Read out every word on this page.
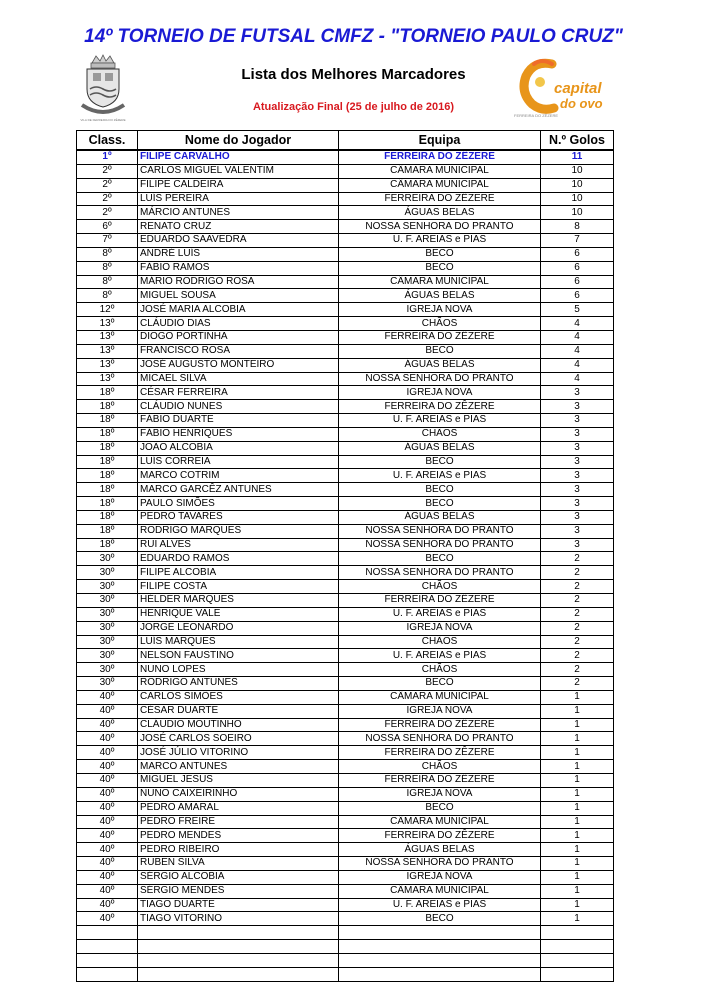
14º TORNEIO DE FUTSAL CMFZ - "TORNEIO PAULO CRUZ"
VILA DE FERREIRA DO ZÊZERE
Lista dos Melhores Marcadores
Atualização Final (25 de julho de 2016)
capital
do ovo
FERREIRA DO ZÊZERE
Class.	Nome do Jogador	Equipa	N.º Golos
1º	FILIPE CARVALHO	FERREIRA DO ZÊZERE	11
2º	CARLOS MIGUEL VALENTIM	CÂMARA MUNICIPAL	10
2º	FILIPE CALDEIRA	CÂMARA MUNICIPAL	10
2º	LUÍS PEREIRA	FERREIRA DO ZÊZERE	10
2º	MÁRCIO ANTUNES	ÁGUAS BELAS	10
6º	RENATO CRUZ	NOSSA SENHORA DO PRANTO	8
7º	EDUARDO SAAVEDRA	U. F. AREIAS e PIAS	7
8º	ANDRÉ LUÍS	BECO	6
8º	FÁBIO RAMOS	BECO	6
8º	MÁRIO RODRIGO ROSA	CÂMARA MUNICIPAL	6
8º	MIGUEL SOUSA	ÁGUAS BELAS	6
12º	JOSÉ MARIA ALCOBIA	IGREJA NOVA	5
13º	CLÁUDIO DIAS	CHÃOS	4
13º	DIOGO PORTINHA	FERREIRA DO ZÊZERE	4
13º	FRANCISCO ROSA	BECO	4
13º	JOSÉ AUGUSTO MONTEIRO	ÁGUAS BELAS	4
13º	MICAEL SILVA	NOSSA SENHORA DO PRANTO	4
18º	CÉSAR FERREIRA	IGREJA NOVA	3
18º	CLÁUDIO NUNES	FERREIRA DO ZÊZERE	3
18º	FÁBIO DUARTE	U. F. AREIAS e PIAS	3
18º	FÁBIO HENRIQUES	CHÃOS	3
18º	JOÃO ALCOBIA	ÁGUAS BELAS	3
18º	LUÍS CORREIA	BECO	3
18º	MARCO COTRIM	U. F. AREIAS e PIAS	3
18º	MARCO GARCÊZ ANTUNES	BECO	3
18º	PAULO SIMÕES	BECO	3
18º	PEDRO TAVARES	ÁGUAS BELAS	3
18º	RODRIGO MARQUES	NOSSA SENHORA DO PRANTO	3
18º	RUI ALVES	NOSSA SENHORA DO PRANTO	3
30º	EDUARDO RAMOS	BECO	2
30º	FILIPE ALCOBIA	NOSSA SENHORA DO PRANTO	2
30º	FILIPE COSTA	CHÃOS	2
30º	HÉLDER MARQUES	FERREIRA DO ZÊZERE	2
30º	HENRIQUE VALE	U. F. AREIAS e PIAS	2
30º	JORGE LEONARDO	IGREJA NOVA	2
30º	LUÍS MARQUES	CHÃOS	2
30º	NELSON FAUSTINO	U. F. AREIAS e PIAS	2
30º	NUNO LOPES	CHÃOS	2
30º	RODRIGO ANTUNES	BECO	2
40º	CARLOS SIMÕES	CÂMARA MUNICIPAL	1
40º	CÉSAR DUARTE	IGREJA NOVA	1
40º	CLÁUDIO MOUTINHO	FERREIRA DO ZÊZERE	1
40º	JOSÉ CARLOS SOEIRO	NOSSA SENHORA DO PRANTO	1
40º	JOSÉ JÚLIO VITORINO	FERREIRA DO ZÊZERE	1
40º	MARCO ANTUNES	CHÃOS	1
40º	MIGUEL JESUS	FERREIRA DO ZÊZERE	1
40º	NUNO CAIXEIRINHO	IGREJA NOVA	1
40º	PEDRO AMARAL	BECO	1
40º	PEDRO FREIRE	CÂMARA MUNICIPAL	1
40º	PEDRO MENDES	FERREIRA DO ZÊZERE	1
40º	PEDRO RIBEIRO	ÁGUAS BELAS	1
40º	RUBEN SILVA	NOSSA SENHORA DO PRANTO	1
40º	SÉRGIO ALCOBIA	IGREJA NOVA	1
40º	SÉRGIO MENDES	CÂMARA MUNICIPAL	1
40º	TIAGO DUARTE	U. F. AREIAS e PIAS	1
40º	TIAGO VITORINO	BECO	1
